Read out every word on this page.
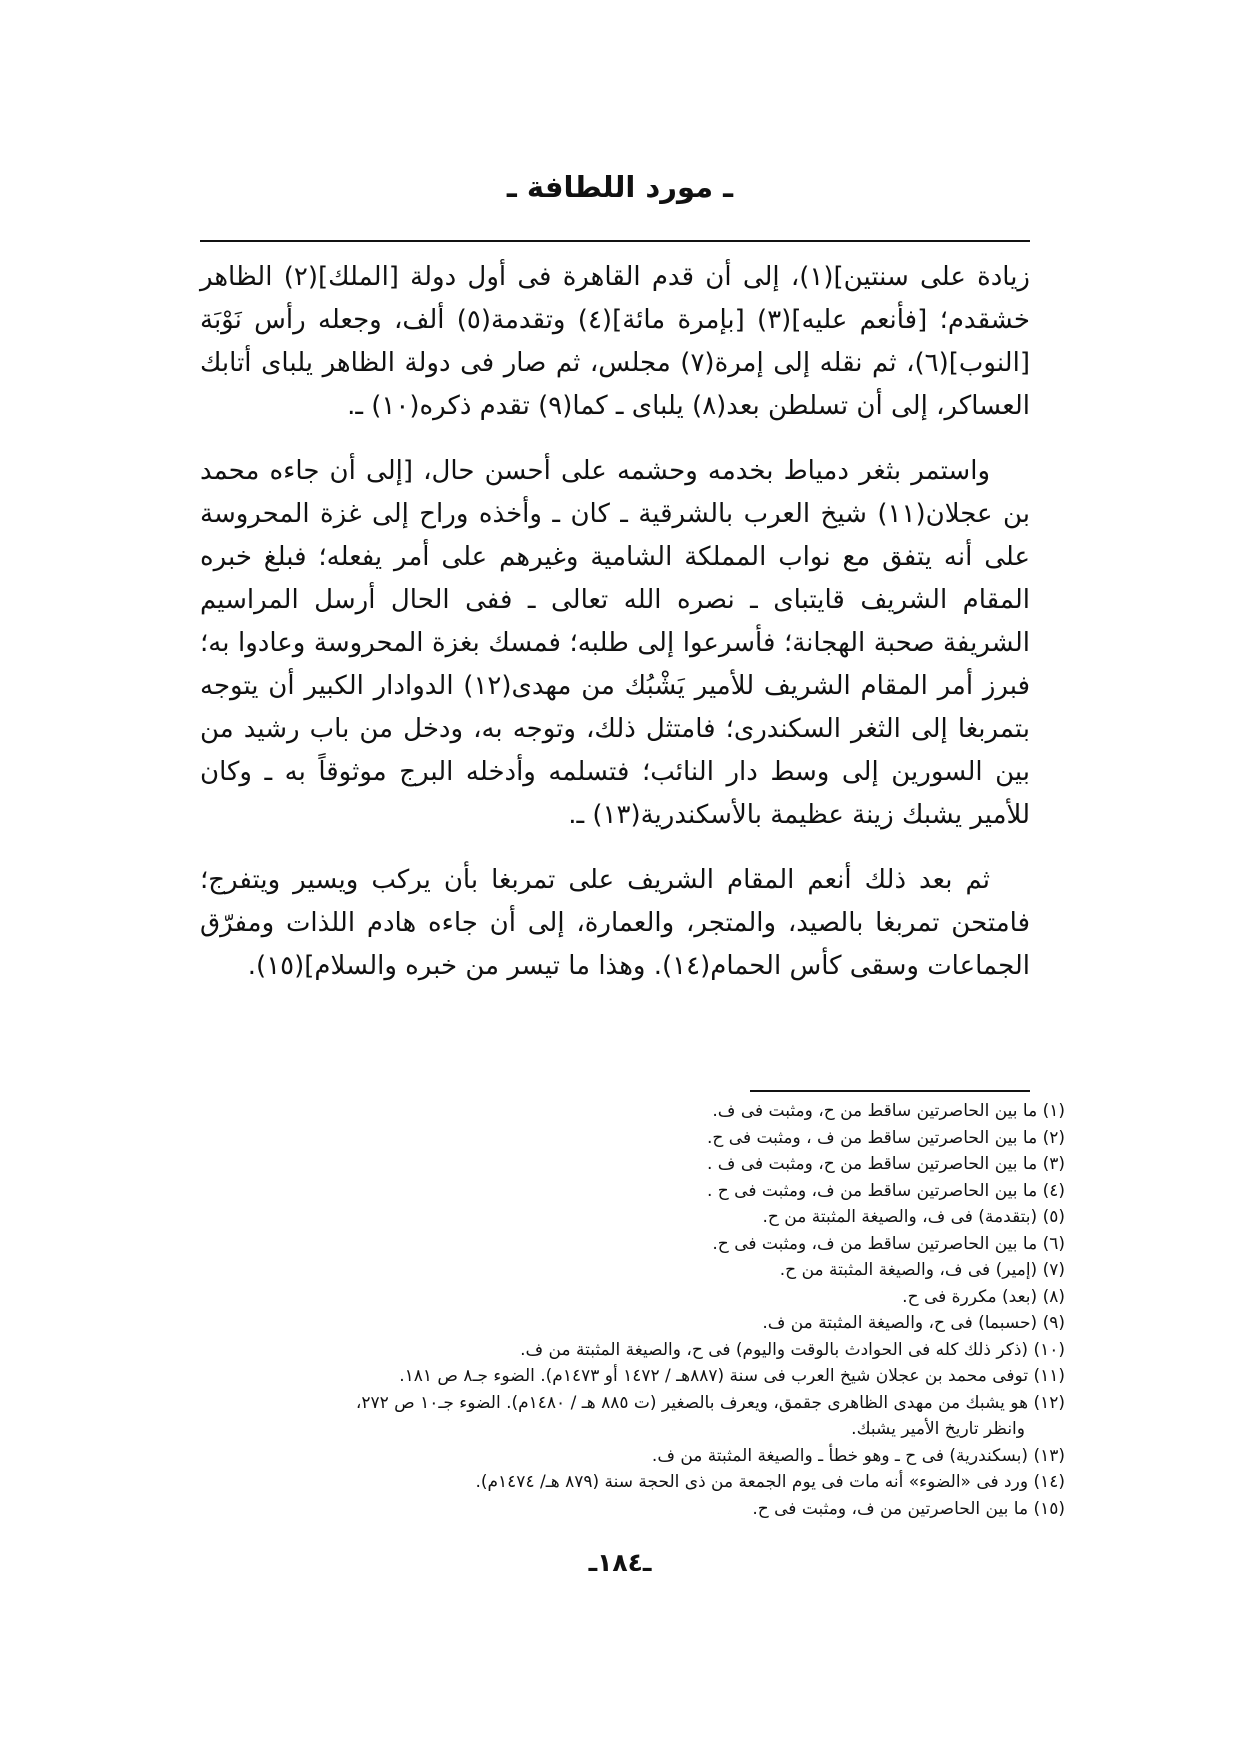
ـ مورد اللطافة ـ

زيادة على سنتين](١)، إلى أن قدم القاهرة فى أول دولة [الملك](٢) الظاهر خشقدم؛ [فأنعم عليه](٣) [بإمرة مائة](٤) وتقدمة(٥) ألف، وجعله رأس نَوْبَة [النوب](٦)، ثم نقله إلى إمرة(٧) مجلس، ثم صار فى دولة الظاهر يلباى أتابك العساكر، إلى أن تسلطن بعد(٨) يلباى ـ كما(٩) تقدم ذكره(١٠) ـ.

واستمر بثغر دمياط بخدمه وحشمه على أحسن حال، [إلى أن جاءه محمد بن عجلان(١١) شيخ العرب بالشرقية ـ كان ـ وأخذه وراح إلى غزة المحروسة على أنه يتفق مع نواب المملكة الشامية وغيرهم على أمر يفعله؛ فبلغ خبره المقام الشريف قايتباى ـ نصره الله تعالى ـ ففى الحال أرسل المراسيم الشريفة صحبة الهجانة؛ فأسرعوا إلى طلبه؛ فمسك بغزة المحروسة وعادوا به؛ فبرز أمر المقام الشريف للأمير يَشْبُك من مهدى(١٢) الدوادار الكبير أن يتوجه بتمربغا إلى الثغر السكندرى؛ فامتثل ذلك، وتوجه به، ودخل من باب رشيد من بين السورين إلى وسط دار النائب؛ فتسلمه وأدخله البرج موثوقاً به ـ وكان للأمير يشبك زينة عظيمة بالأسكندرية(١٣) ـ.

ثم بعد ذلك أنعم المقام الشريف على تمربغا بأن يركب ويسير ويتفرج؛ فامتحن تمربغا بالصيد، والمتجر، والعمارة، إلى أن جاءه هادم اللذات ومفرّق الجماعات وسقى كأس الحمام(١٤). وهذا ما تيسر من خبره والسلام](١٥).

(١) ما بين الحاصرتين ساقط من ح، ومثبت فى ف.

(٢) ما بين الحاصرتين ساقط من ف ، ومثبت فى ح.

(٣) ما بين الحاصرتين ساقط من ح، ومثبت فى ف .

(٤) ما بين الحاصرتين ساقط من ف، ومثبت فى ح .

(٥) (بتقدمة) فى ف، والصيغة المثبتة من ح.

(٦) ما بين الحاصرتين ساقط من ف، ومثبت فى ح.

(٧) (إمير) فى ف، والصيغة المثبتة من ح.

(٨) (بعد) مكررة فى ح.

(٩) (حسبما) فى ح، والصيغة المثبتة من ف.

(١٠) (ذكر ذلك كله فى الحوادث بالوقت واليوم) فى ح، والصيغة المثبتة من ف.

(١١) توفى محمد بن عجلان شيخ العرب فى سنة (٨٨٧هـ / ١٤٧٢ أو ١٤٧٣م). الضوء جـ٨ ص ١٨١.

(١٢) هو يشبك من مهدى الظاهرى جقمق، ويعرف بالصغير (ت ٨٨٥ هـ / ١٤٨٠م). الضوء جـ١٠ ص ٢٧٢، وانظر تاريخ الأمير يشبك.

(١٣) (بسكندرية) فى ح ـ وهو خطأ ـ والصيغة المثبتة من ف.

(١٤) ورد فى «الضوء» أنه مات فى يوم الجمعة من ذى الحجة سنة (٨٧٩ هـ/ ١٤٧٤م).

(١٥) ما بين الحاصرتين من ف، ومثبت فى ح.

ـ١٨٤ـ
